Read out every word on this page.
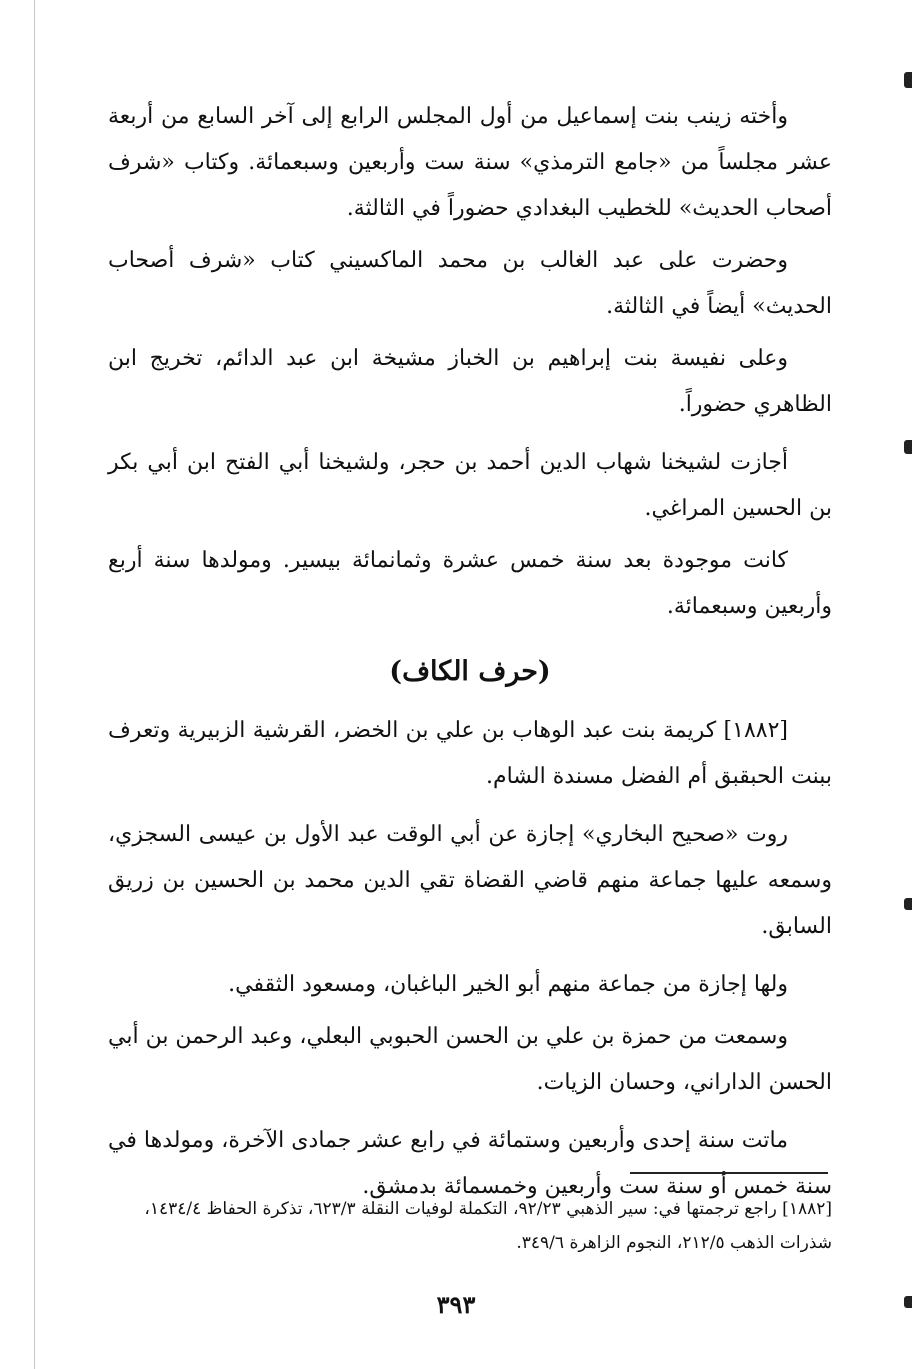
وأخته زينب بنت إسماعيل من أول المجلس الرابع إلى آخر السابع من أربعة عشر مجلساً من «جامع الترمذي» سنة ست وأربعين وسبعمائة. وكتاب «شرف أصحاب الحديث» للخطيب البغدادي حضوراً في الثالثة.

وحضرت على عبد الغالب بن محمد الماكسيني كتاب «شرف أصحاب الحديث» أيضاً في الثالثة.

وعلى نفيسة بنت إبراهيم بن الخباز مشيخة ابن عبد الدائم، تخريج ابن الظاهري حضوراً.

أجازت لشيخنا شهاب الدين أحمد بن حجر، ولشيخنا أبي الفتح ابن أبي بكر بن الحسين المراغي.

كانت موجودة بعد سنة خمس عشرة وثمانمائة بيسير. ومولدها سنة أربع وأربعين وسبعمائة.

(حرف الكاف)

[١٨٨٢] كريمة بنت عبد الوهاب بن علي بن الخضر، القرشية الزبيرية وتعرف ببنت الحبقبق أم الفضل مسندة الشام.

روت «صحيح البخاري» إجازة عن أبي الوقت عبد الأول بن عيسى السجزي، وسمعه عليها جماعة منهم قاضي القضاة تقي الدين محمد بن الحسين بن زريق السابق.

ولها إجازة من جماعة منهم أبو الخير الباغبان، ومسعود الثقفي.

وسمعت من حمزة بن علي بن الحسن الحبوبي البعلي، وعبد الرحمن بن أبي الحسن الداراني، وحسان الزيات.

ماتت سنة إحدى وأربعين وستمائة في رابع عشر جمادى الآخرة، ومولدها في سنة خمس أو سنة ست وأربعين وخمسمائة بدمشق.

[١٨٨٢] راجع ترجمتها في: سير الذهبي ٩٢/٢٣، التكملة لوفيات النقلة ٦٢٣/٣، تذكرة الحفاظ ١٤٣٤/٤،
شذرات الذهب ٢١٢/٥، النجوم الزاهرة ٣٤٩/٦.
٣٩٣
